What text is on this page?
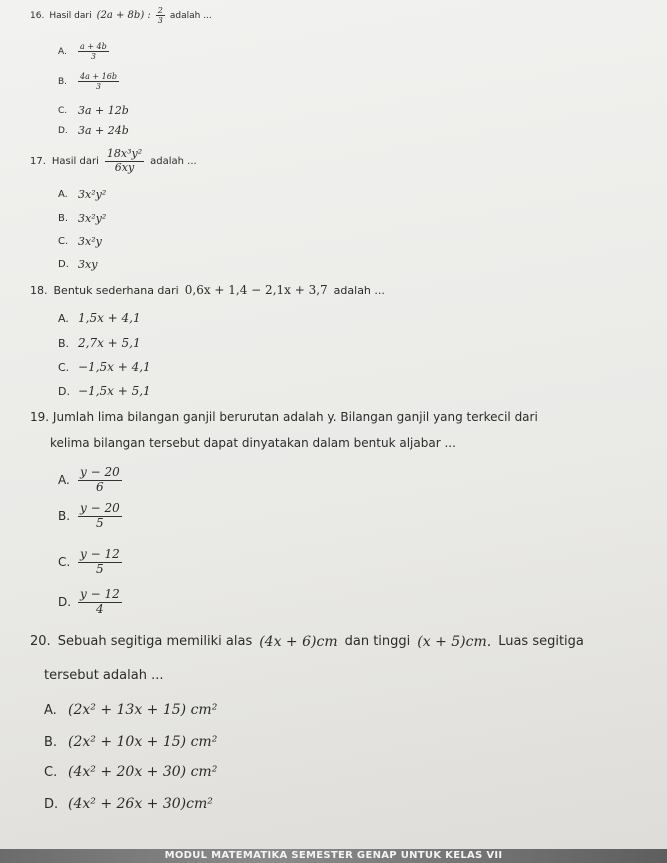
16. Hasil dari (2a + 8b) : $\frac{2}{3}$ adalah ...
A.	$\frac{a + 4b}{3}$
B.	$\frac{4a + 16b}{3}$
C. 3a + 12b
D. 3a + 24b
17. Hasil dari $\frac{\text{18x³y²}}{6xy}$ adalah ...
A. 3x²y²
B. 3x²y²
C. 3x²y
D. 3xy
18. Bentuk sederhana dari 0,6x + 1,4 − 2,1x + 3,7 adalah ...
A. 1,5x + 4,1
B. 2,7x + 5,1
C. −1,5x + 4,1
D. −1,5x + 5,1
19. Jumlah lima bilangan ganjil berurutan adalah y. Bilangan ganjil yang terkecil dari
kelima bilangan tersebut dapat dinyatakan dalam bentuk aljabar ...
A. $\frac{y - 20}{6}$
B. $\frac{y - 20}{5}$
C. $\frac{y - 12}{5}$
D. $\frac{y - 12}{4}$
20. Sebuah segitiga memiliki alas (4x + 6)cm dan tinggi (x + 5)cm. Luas segitiga
tersebut adalah ...
A. (2x² + 13x + 15) cm²
B. (2x² + 10x + 15) cm²
C. (4x² + 20x + 30) cm²
D. (4x² + 26x + 30)cm²
MODUL MATEMATIKA SEMESTER GENAP UNTUK KELAS VII
